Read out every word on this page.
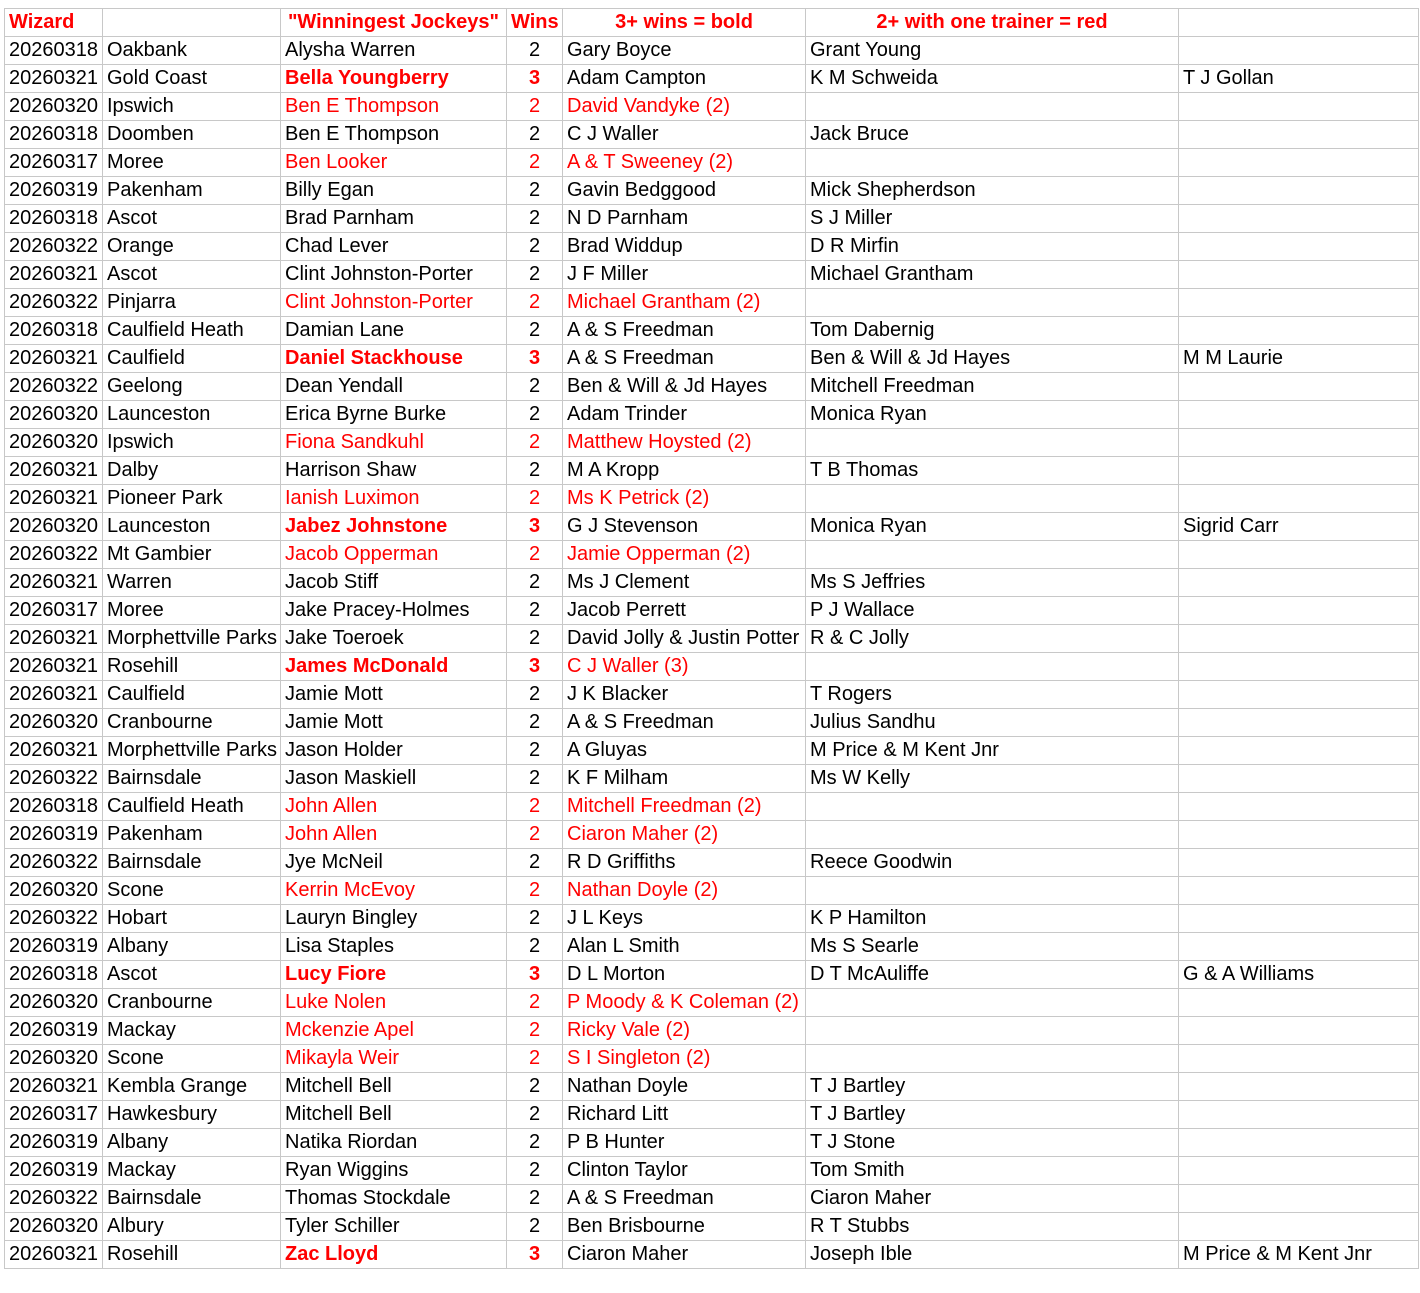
Wizard		"Winningest Jockeys"	Wins	3+ wins = bold	2+ with one trainer = red	
20260318	Oakbank	Alysha Warren	2	Gary Boyce	Grant Young	
20260321	Gold Coast	Bella Youngberry	3	Adam Campton	K M Schweida	T J Gollan
20260320	Ipswich	Ben E Thompson	2	David Vandyke (2)		
20260318	Doomben	Ben E Thompson	2	C J Waller	Jack Bruce	
20260317	Moree	Ben Looker	2	A & T Sweeney (2)		
20260319	Pakenham	Billy Egan	2	Gavin Bedggood	Mick Shepherdson	
20260318	Ascot	Brad Parnham	2	N D Parnham	S J Miller	
20260322	Orange	Chad Lever	2	Brad Widdup	D R Mirfin	
20260321	Ascot	Clint Johnston-Porter	2	J F Miller	Michael Grantham	
20260322	Pinjarra	Clint Johnston-Porter	2	Michael Grantham (2)		
20260318	Caulfield Heath	Damian Lane	2	A & S Freedman	Tom Dabernig	
20260321	Caulfield	Daniel Stackhouse	3	A & S Freedman	Ben & Will & Jd Hayes	M M Laurie
20260322	Geelong	Dean Yendall	2	Ben & Will & Jd Hayes	Mitchell Freedman	
20260320	Launceston	Erica Byrne Burke	2	Adam Trinder	Monica Ryan	
20260320	Ipswich	Fiona Sandkuhl	2	Matthew Hoysted (2)		
20260321	Dalby	Harrison Shaw	2	M A Kropp	T B Thomas	
20260321	Pioneer Park	Ianish Luximon	2	Ms K Petrick (2)		
20260320	Launceston	Jabez Johnstone	3	G J Stevenson	Monica Ryan	Sigrid Carr
20260322	Mt Gambier	Jacob Opperman	2	Jamie Opperman (2)		
20260321	Warren	Jacob Stiff	2	Ms J Clement	Ms S Jeffries	
20260317	Moree	Jake Pracey-Holmes	2	Jacob Perrett	P J Wallace	
20260321	Morphettville Parks	Jake Toeroek	2	David Jolly & Justin Potter	R & C Jolly	
20260321	Rosehill	James McDonald	3	C J Waller (3)		
20260321	Caulfield	Jamie Mott	2	J K Blacker	T Rogers	
20260320	Cranbourne	Jamie Mott	2	A & S Freedman	Julius Sandhu	
20260321	Morphettville Parks	Jason Holder	2	A Gluyas	M Price & M Kent Jnr	
20260322	Bairnsdale	Jason Maskiell	2	K F Milham	Ms W Kelly	
20260318	Caulfield Heath	John Allen	2	Mitchell Freedman (2)		
20260319	Pakenham	John Allen	2	Ciaron Maher (2)		
20260322	Bairnsdale	Jye McNeil	2	R D Griffiths	Reece Goodwin	
20260320	Scone	Kerrin McEvoy	2	Nathan Doyle (2)		
20260322	Hobart	Lauryn Bingley	2	J L Keys	K P Hamilton	
20260319	Albany	Lisa Staples	2	Alan L Smith	Ms S Searle	
20260318	Ascot	Lucy Fiore	3	D L Morton	D T McAuliffe	G & A Williams
20260320	Cranbourne	Luke Nolen	2	P Moody & K Coleman (2)		
20260319	Mackay	Mckenzie Apel	2	Ricky Vale (2)		
20260320	Scone	Mikayla Weir	2	S I Singleton (2)		
20260321	Kembla Grange	Mitchell Bell	2	Nathan Doyle	T J Bartley	
20260317	Hawkesbury	Mitchell Bell	2	Richard Litt	T J Bartley	
20260319	Albany	Natika Riordan	2	P B Hunter	T J Stone	
20260319	Mackay	Ryan Wiggins	2	Clinton Taylor	Tom Smith	
20260322	Bairnsdale	Thomas Stockdale	2	A & S Freedman	Ciaron Maher	
20260320	Albury	Tyler Schiller	2	Ben Brisbourne	R T Stubbs	
20260321	Rosehill	Zac Lloyd	3	Ciaron Maher	Joseph Ible	M Price & M Kent Jnr
